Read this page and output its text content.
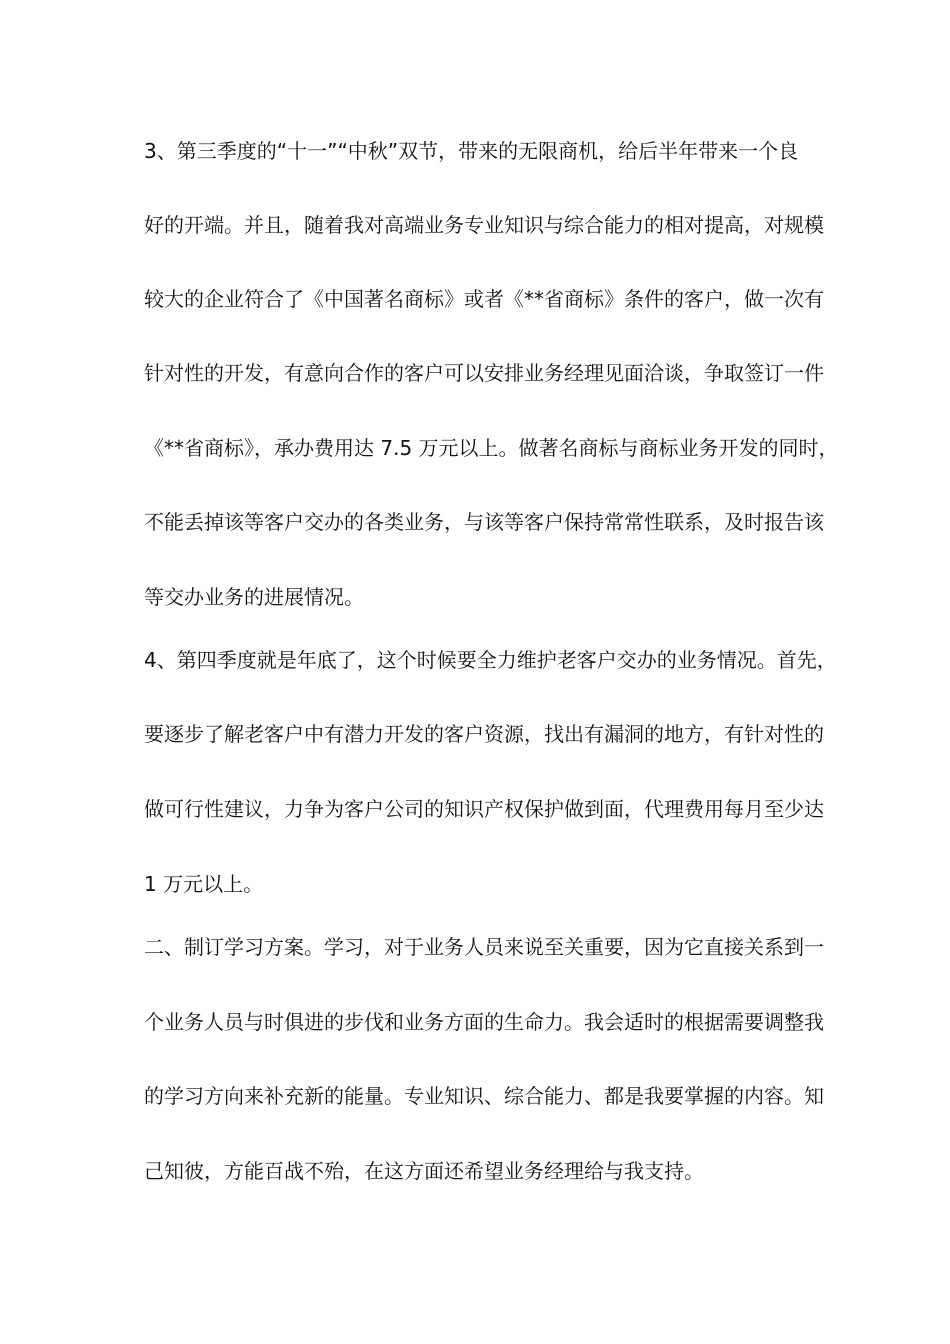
3、第三季度的“十一”“中秋”双节，带来的无限商机，给后半年带来一个良
好的开端。并且，随着我对高端业务专业知识与综合能力的相对提高，对规模
较大的企业符合了《中国著名商标》或者《**省商标》条件的客户，做一次有
针对性的开发，有意向合作的客户可以安排业务经理见面洽谈，争取签订一件
《**省商标》，承办费用达 7.5 万元以上。做著名商标与商标业务开发的同时，
不能丢掉该等客户交办的各类业务，与该等客户保持常常性联系，及时报告该
等交办业务的进展情况。
4、第四季度就是年底了，这个时候要全力维护老客户交办的业务情况。首先，
要逐步了解老客户中有潜力开发的客户资源，找出有漏洞的地方，有针对性的
做可行性建议，力争为客户公司的知识产权保护做到面，代理费用每月至少达
1 万元以上。
二、制订学习方案。学习，对于业务人员来说至关重要，因为它直接关系到一
个业务人员与时俱进的步伐和业务方面的生命力。我会适时的根据需要调整我
的学习方向来补充新的能量。专业知识、综合能力、都是我要掌握的内容。知
己知彼，方能百战不殆，在这方面还希望业务经理给与我支持。
